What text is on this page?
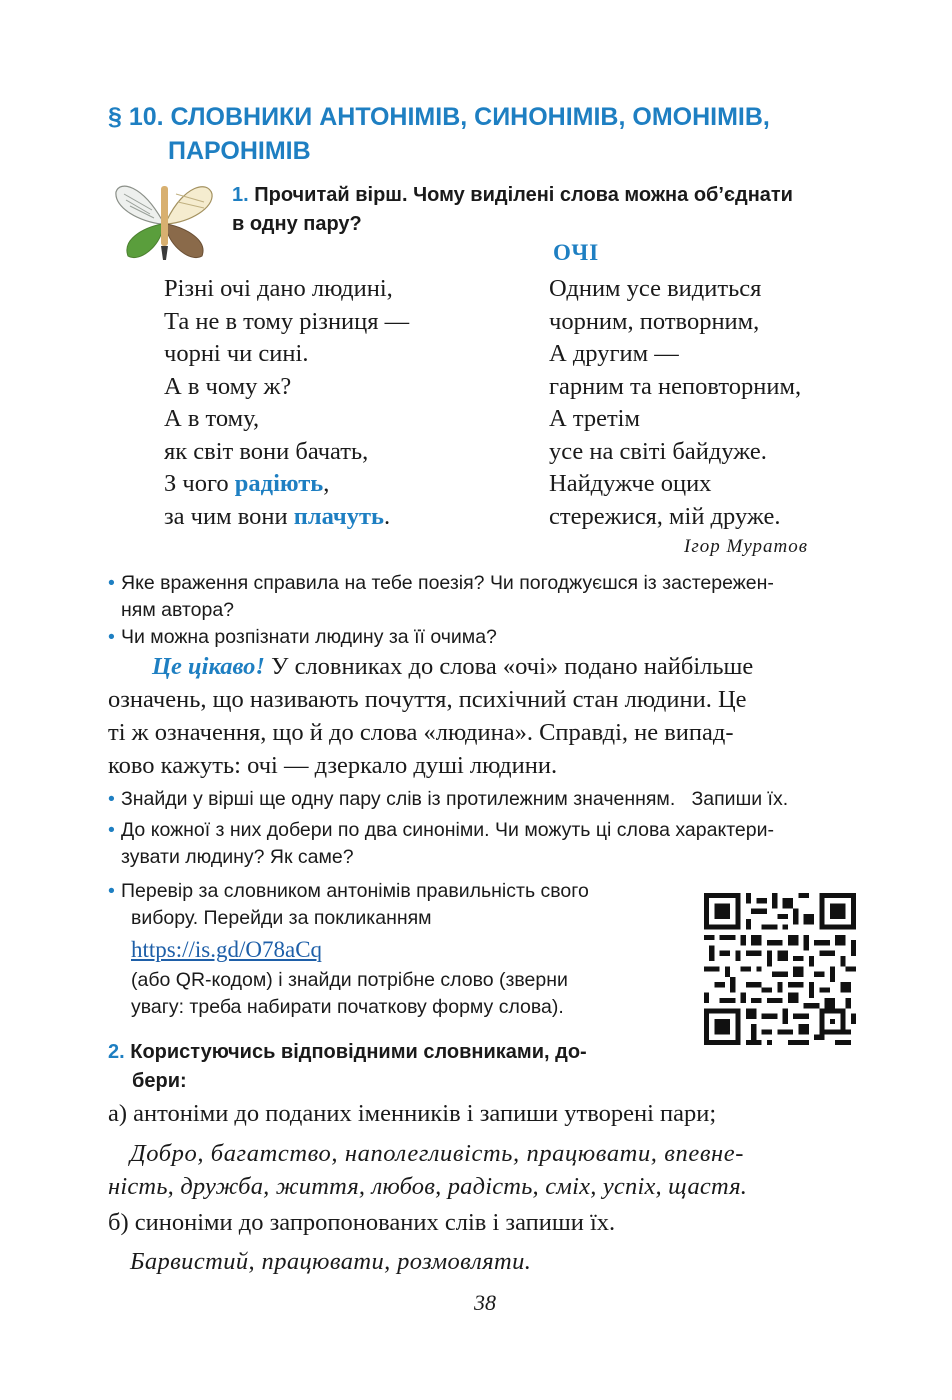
§ 10. СЛОВНИКИ АНТОНІМІВ, СИНОНІМІВ, ОМОНІМІВ,
ПАРОНІМІВ
1. Прочитай вірш. Чому виділені слова можна об’єднати
в одну пару?
ОЧІ
Різні очі дано людині,
Та не в тому різниця —
чорні чи сині.
А в чому ж?
А в тому,
як світ вони бачать,
З чого радіють,
за чим вони плачуть.
Одним усе видиться
чорним, потворним,
А другим —
гарним та неповторним,
А третім
усе на світі байдуже.
Найдужче оцих
стережися, мій друже.
Ігор Муратов
• Яке враження справила на тебе поезія? Чи погоджуєшся із застережен-
ням автора?
• Чи можна розпізнати людину за її очима?
Це цікаво! У словниках до слова «очі» подано найбільше
означень, що називають почуття, психічний стан людини. Це
ті ж означення, що й до слова «людина». Справді, не випад-
ково кажуть: очі — дзеркало душі людини.
• Знайди у вірші ще одну пару слів із протилежним значенням.   Запиши їх.
• До кожної з них добери по два синоніми. Чи можуть ці слова характери-
зувати людину? Як саме?
• Перевір за словником антонімів правильність свого
вибору. Перейди за покликанням
https://is.gd/O78aCq
(або QR-кодом) і знайди потрібне слово (зверни
увагу: треба набирати початкову форму слова).
2. Користуючись відповідними словниками, до-
бери:
а) антоніми до поданих іменників і запиши утворені пари;
Добро, багатство, наполегливість, працювати, впевне-
ність, дружба, життя, любов, радість, сміх, успіх, щастя.
б) синоніми до запропонованих слів і запиши їх.
Барвистий, працювати, розмовляти.
38
